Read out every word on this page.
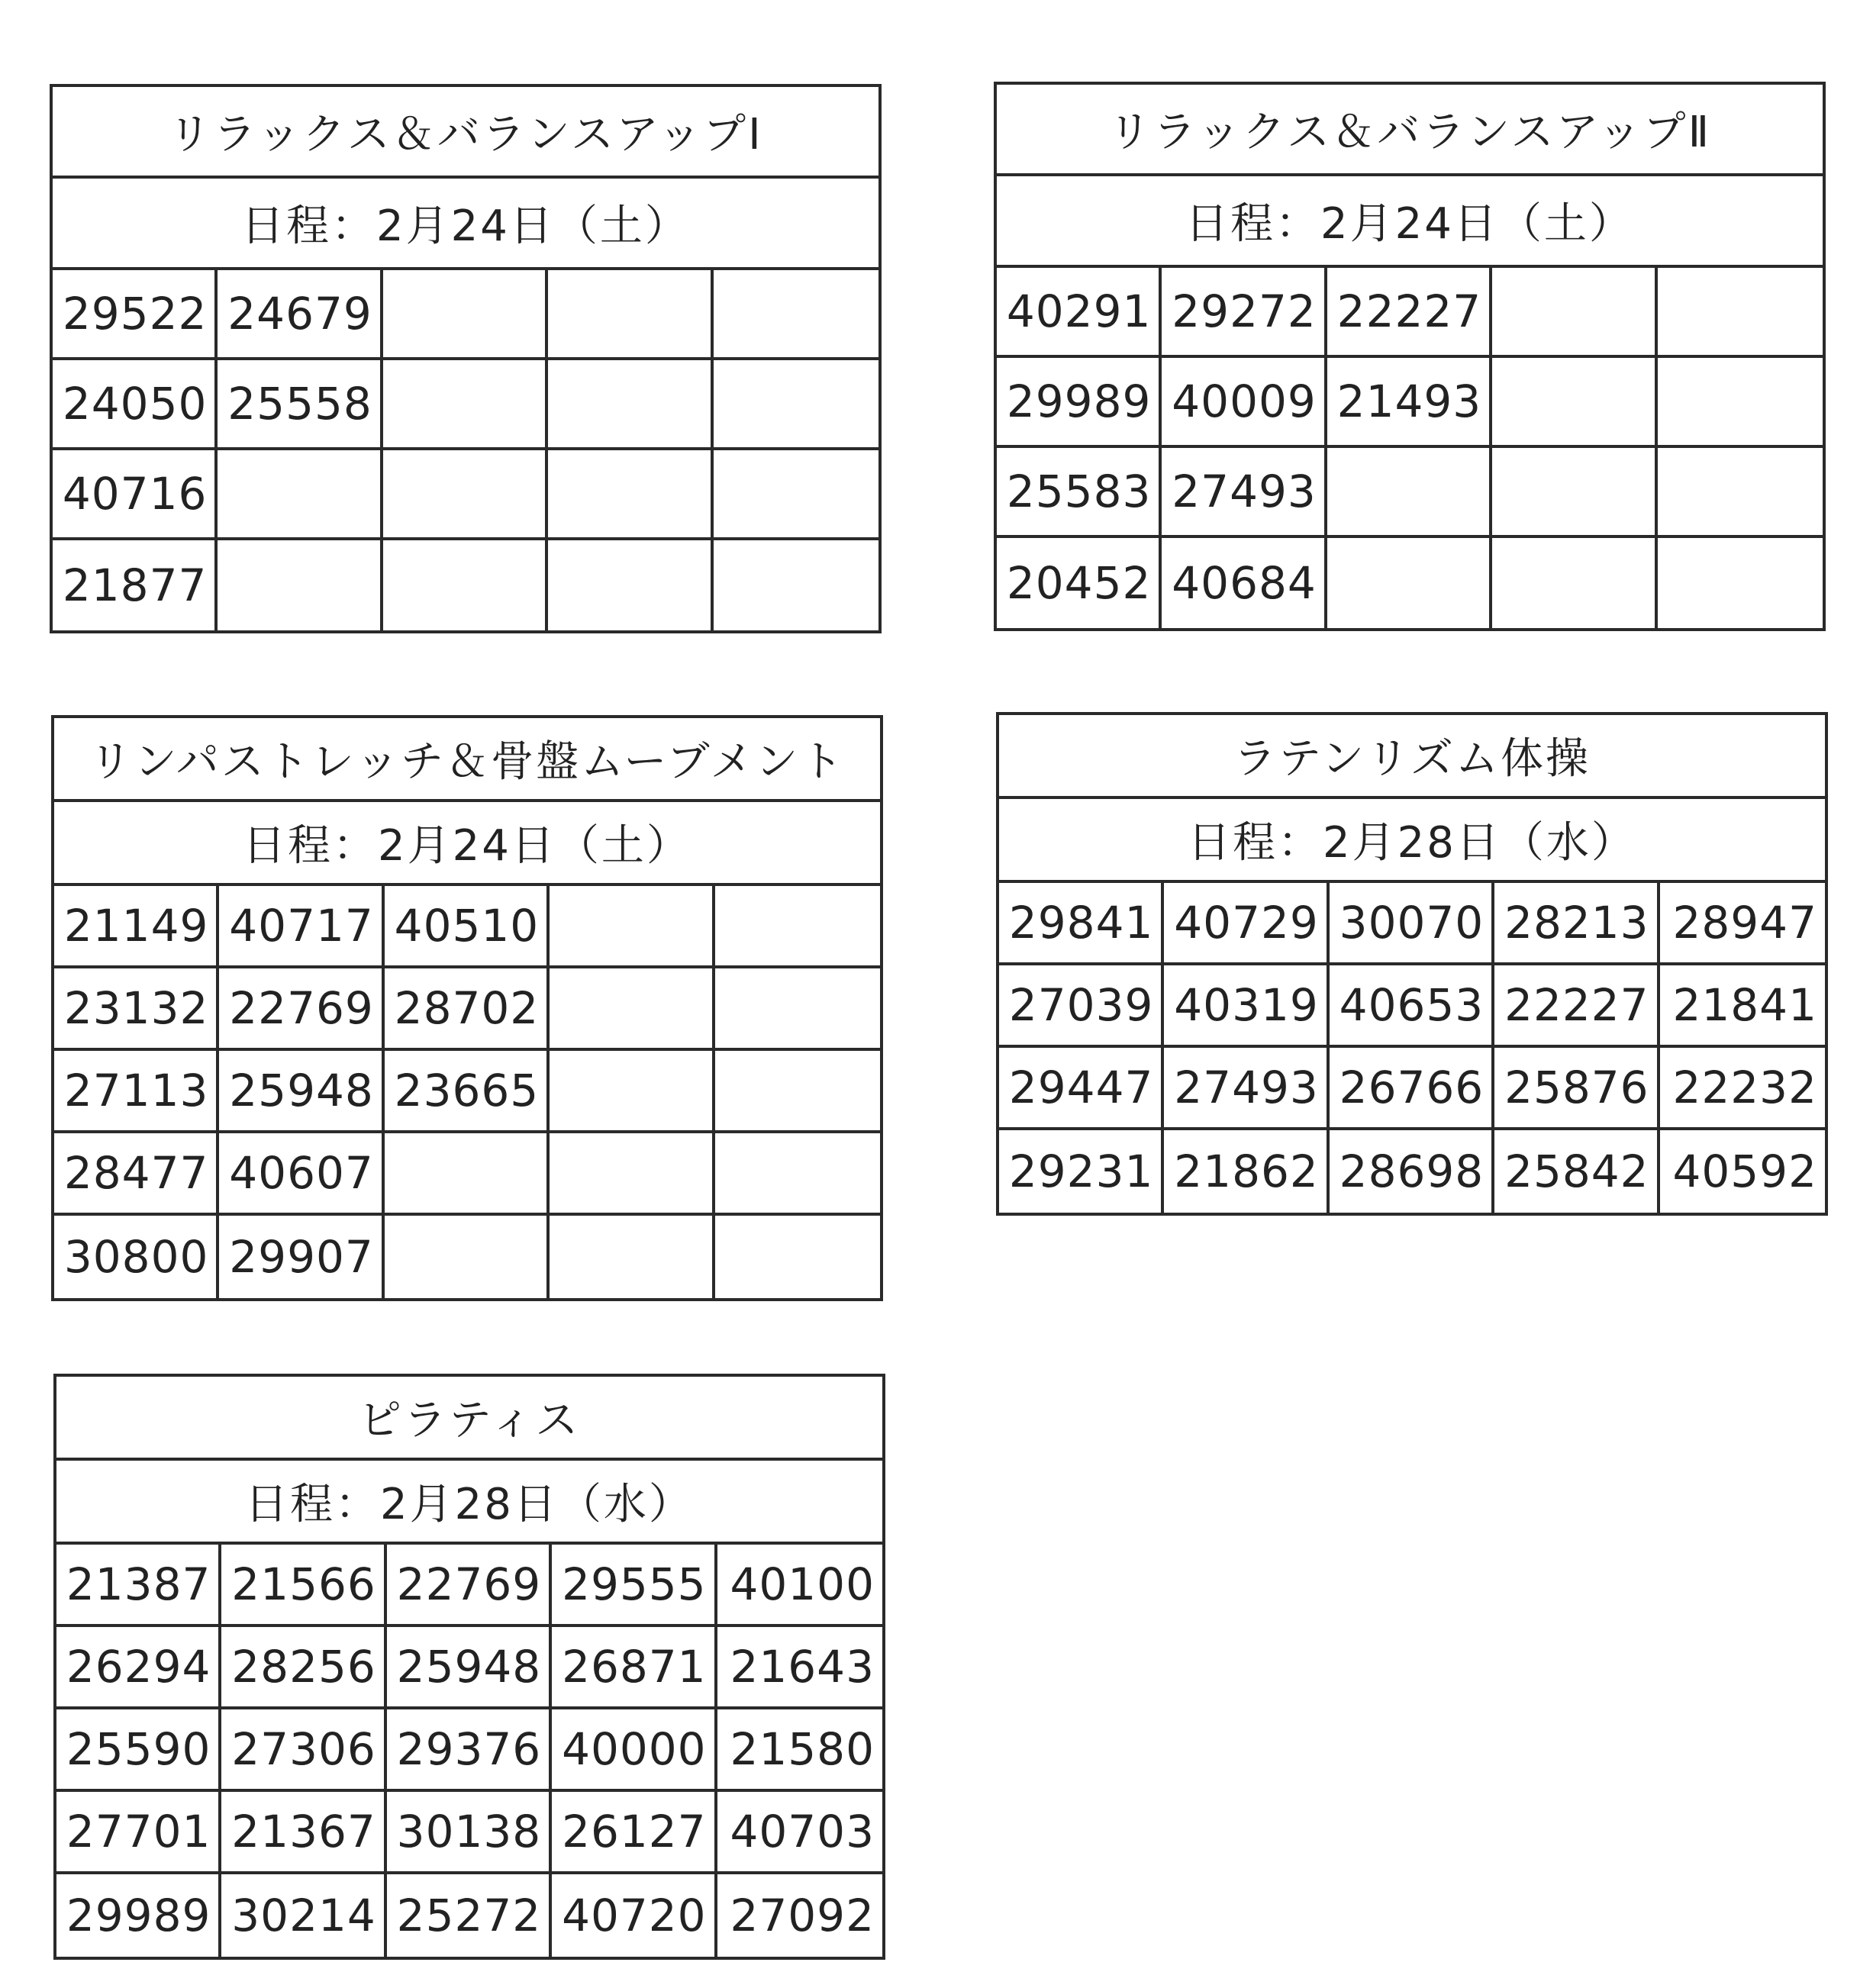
リラックス＆バランスアップⅠ
日程：2月24日（土）
29522 24679
24050 25558
40716
21877
リラックス＆バランスアップⅡ
日程：2月24日（土）
40291 29272 22227
29989 40009 21493
25583 27493
20452 40684
リンパストレッチ＆骨盤ムーブメント
日程：2月24日（土）
21149 40717 40510
23132 22769 28702
27113 25948 23665
28477 40607
30800 29907
ラテンリズム体操
日程：2月28日（水）
29841 40729 30070 28213 28947
27039 40319 40653 22227 21841
29447 27493 26766 25876 22232
29231 21862 28698 25842 40592
ピラティス
日程：2月28日（水）
21387 21566 22769 29555 40100
26294 28256 25948 26871 21643
25590 27306 29376 40000 21580
27701 21367 30138 26127 40703
29989 30214 25272 40720 27092
